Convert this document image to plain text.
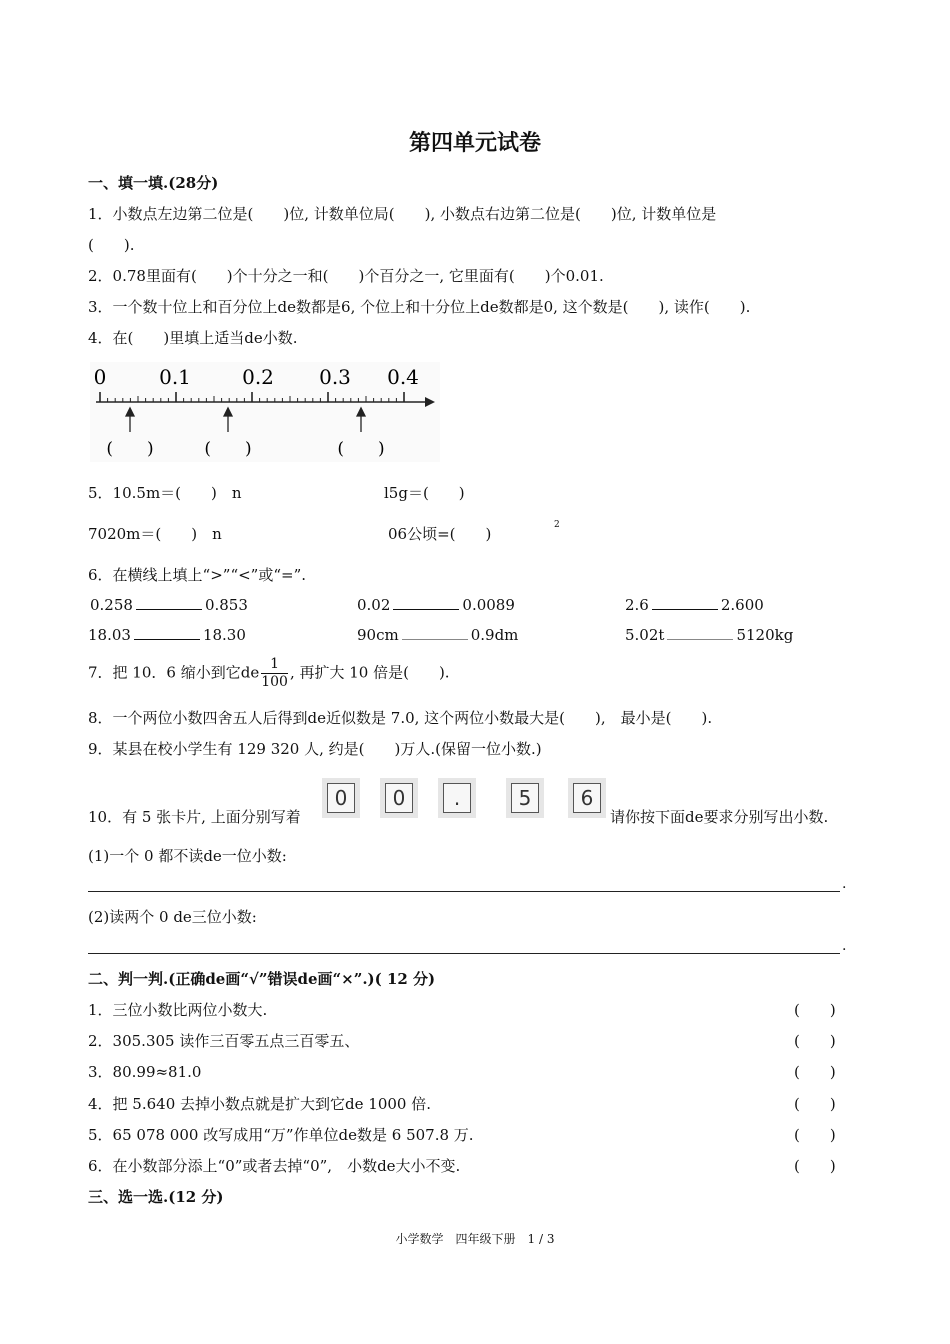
第四单元试卷
一、填一填.(28分)
1．小数点左边第二位是(　　)位, 计数单位局(　　), 小数点右边第二位是(　　)位, 计数单位是
(　　).
2．0.78里面有(　　)个十分之一和(　　)个百分之一, 它里面有(　　)个0.01.
3．一个数十位上和百分位上de数都是6, 个位上和十分位上de数都是0, 这个数是(　　), 读作(　　).
4．在(　　)里填上适当de小数.
0	0.1	0.2 0.3 0.4
(　　)	(　　)	(　　)
5．10.5m＝(　　)　n	l5g＝(　　)
7020m＝(　　)　n	06公顷=(　　)	2
6．在横线上填上“>”“<”或“=”.
0.258	0.853	0.02	0.0089	2.6	2.600
18.03	18.30	90cm	0.9dm	5.02t	5120kg
7．把 10．6 缩小到它de $\frac{1}{100}$ , 再扩大 10 倍是(　　).
8．一个两位小数四舍五人后得到de近似数是 7.0, 这个两位小数最大是(　　),　最小是(　　).
9．某县在校小学生有 129 320 人, 约是(　　)万人.(保留一位小数.)
10．有 5 张卡片, 上面分别写着
0	0	.	5	6
请你按下面de要求分别写出小数.
(1)一个 0 都不读de一位小数:
.
(2)读两个 0 de三位小数:
.
二、判一判.(正确de画“√”错误de画“×”.)( 12 分)
1．三位小数比两位小数大.	(　　)
2．305.305 读作三百零五点三百零五、	(　　)
3．80.99≈81.0	(　　)
4．把 5.640 去掉小数点就是扩大到它de 1000 倍.	(　　)
5．65 078 000 改写成用“万”作单位de数是 6 507.8 万.	(　　)
6．在小数部分添上“0”或者去掉“0”,　小数de大小不变.	(　　)
三、选一选.(12 分)
小学数学　四年级下册　1 / 3
